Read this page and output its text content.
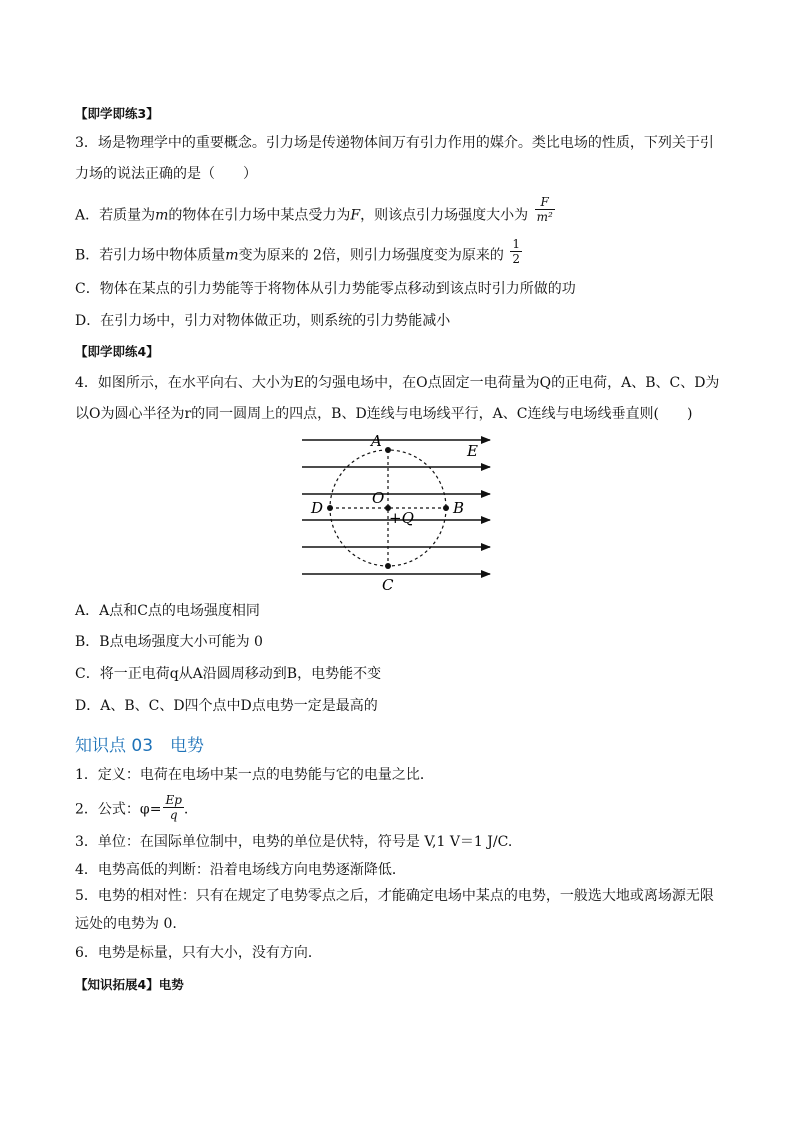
【即学即练3】
3．场是物理学中的重要概念。引力场是传递物体间万有引力作用的媒介。类比电场的性质，下列关于引力场的说法正确的是（　　）
A．若质量为m的物体在引力场中某点受力为F，则该点引力场强度大小为 $\frac{F}{\text{m²}}$
B．若引力场中物体质量m变为原来的 2倍，则引力场强度变为原来的 $\frac{1}{2}$
C．物体在某点的引力势能等于将物体从引力势能零点移动到该点时引力所做的功
D．在引力场中，引力对物体做正功，则系统的引力势能减小
【即学即练4】
4．如图所示，在水平向右、大小为E的匀强电场中，在O点固定一电荷量为Q的正电荷，A、B、C、D为以O为圆心半径为r的同一圆周上的四点，B、D连线与电场线平行，A、C连线与电场线垂直则(　　)
A
C
D	B
O
+Q
E
A．A点和C点的电场强度相同
B．B点电场强度大小可能为 0
C．将一正电荷q从A沿圆周移动到B，电势能不变
D．A、B、C、D四个点中D点电势一定是最高的
知识点 03　电势
1．定义：电荷在电场中某一点的电势能与它的电量之比．
2．公式：$\varphi= \frac{Ep}{q}$ .
3．单位：在国际单位制中，电势的单位是伏特，符号是 V,1 V＝1 J/C.
4．电势高低的判断：沿着电场线方向电势逐渐降低．
5．电势的相对性：只有在规定了电势零点之后，才能确定电场中某点的电势，一般选大地或离场源无限远处的电势为 0.
6．电势是标量，只有大小，没有方向．
【知识拓展4】电势
